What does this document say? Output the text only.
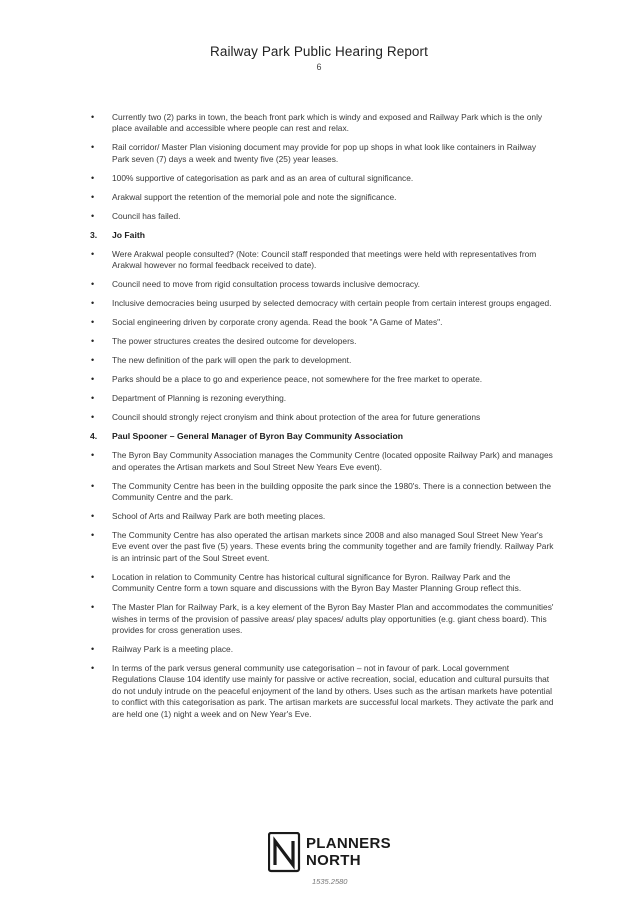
Railway Park Public Hearing Report
6
• Currently two (2) parks in town, the beach front park which is windy and exposed and Railway Park which is the only place available and accessible where people can rest and relax.
• Rail corridor/ Master Plan visioning document may provide for pop up shops in what look like containers in Railway Park seven (7) days a week and twenty five (25) year leases.
• 100% supportive of categorisation as park and as an area of cultural significance.
• Arakwal support the retention of the memorial pole and note the significance.
• Council has failed.
3. Jo Faith
• Were Arakwal people consulted? (Note: Council staff responded that meetings were held with representatives from Arakwal however no formal feedback received to date).
• Council need to move from rigid consultation process towards inclusive democracy.
• Inclusive democracies being usurped by selected democracy with certain people from certain interest groups engaged.
• Social engineering driven by corporate crony agenda. Read the book "A Game of Mates".
• The power structures creates the desired outcome for developers.
• The new definition of the park will open the park to development.
• Parks should be a place to go and experience peace, not somewhere for the free market to operate.
• Department of Planning is rezoning everything.
• Council should strongly reject cronyism and think about protection of the area for future generations
4. Paul Spooner – General Manager of Byron Bay Community Association
• The Byron Bay Community Association manages the Community Centre (located opposite Railway Park) and manages and operates the Artisan markets and Soul Street New Years Eve event).
• The Community Centre has been in the building opposite the park since the 1980's. There is a connection between the Community Centre and the park.
• School of Arts and Railway Park are both meeting places.
• The Community Centre has also operated the artisan markets since 2008 and also managed Soul Street New Year's Eve event over the past five (5) years. These events bring the community together and are family friendly. Railway Park is an intrinsic part of the Soul Street event.
• Location in relation to Community Centre has historical cultural significance for Byron. Railway Park and the Community Centre form a town square and discussions with the Byron Bay Master Planning Group reflect this.
• The Master Plan for Railway Park, is a key element of the Byron Bay Master Plan and accommodates the communities' wishes in terms of the provision of passive areas/ play spaces/ adults play opportunities (e.g. giant chess board). This provides for cross generation uses.
• Railway Park is a meeting place.
• In terms of the park versus general community use categorisation – not in favour of park. Local government Regulations Clause 104 identify use mainly for passive or active recreation, social, education and cultural pursuits that do not unduly intrude on the peaceful enjoyment of the land by others. Uses such as the artisan markets have potential to conflict with this categorisation as park. The artisan markets are successful local markets. They activate the park and are held one (1) night a week and on New Year's Eve.
PLANNERS
NORTH
1535.2580
